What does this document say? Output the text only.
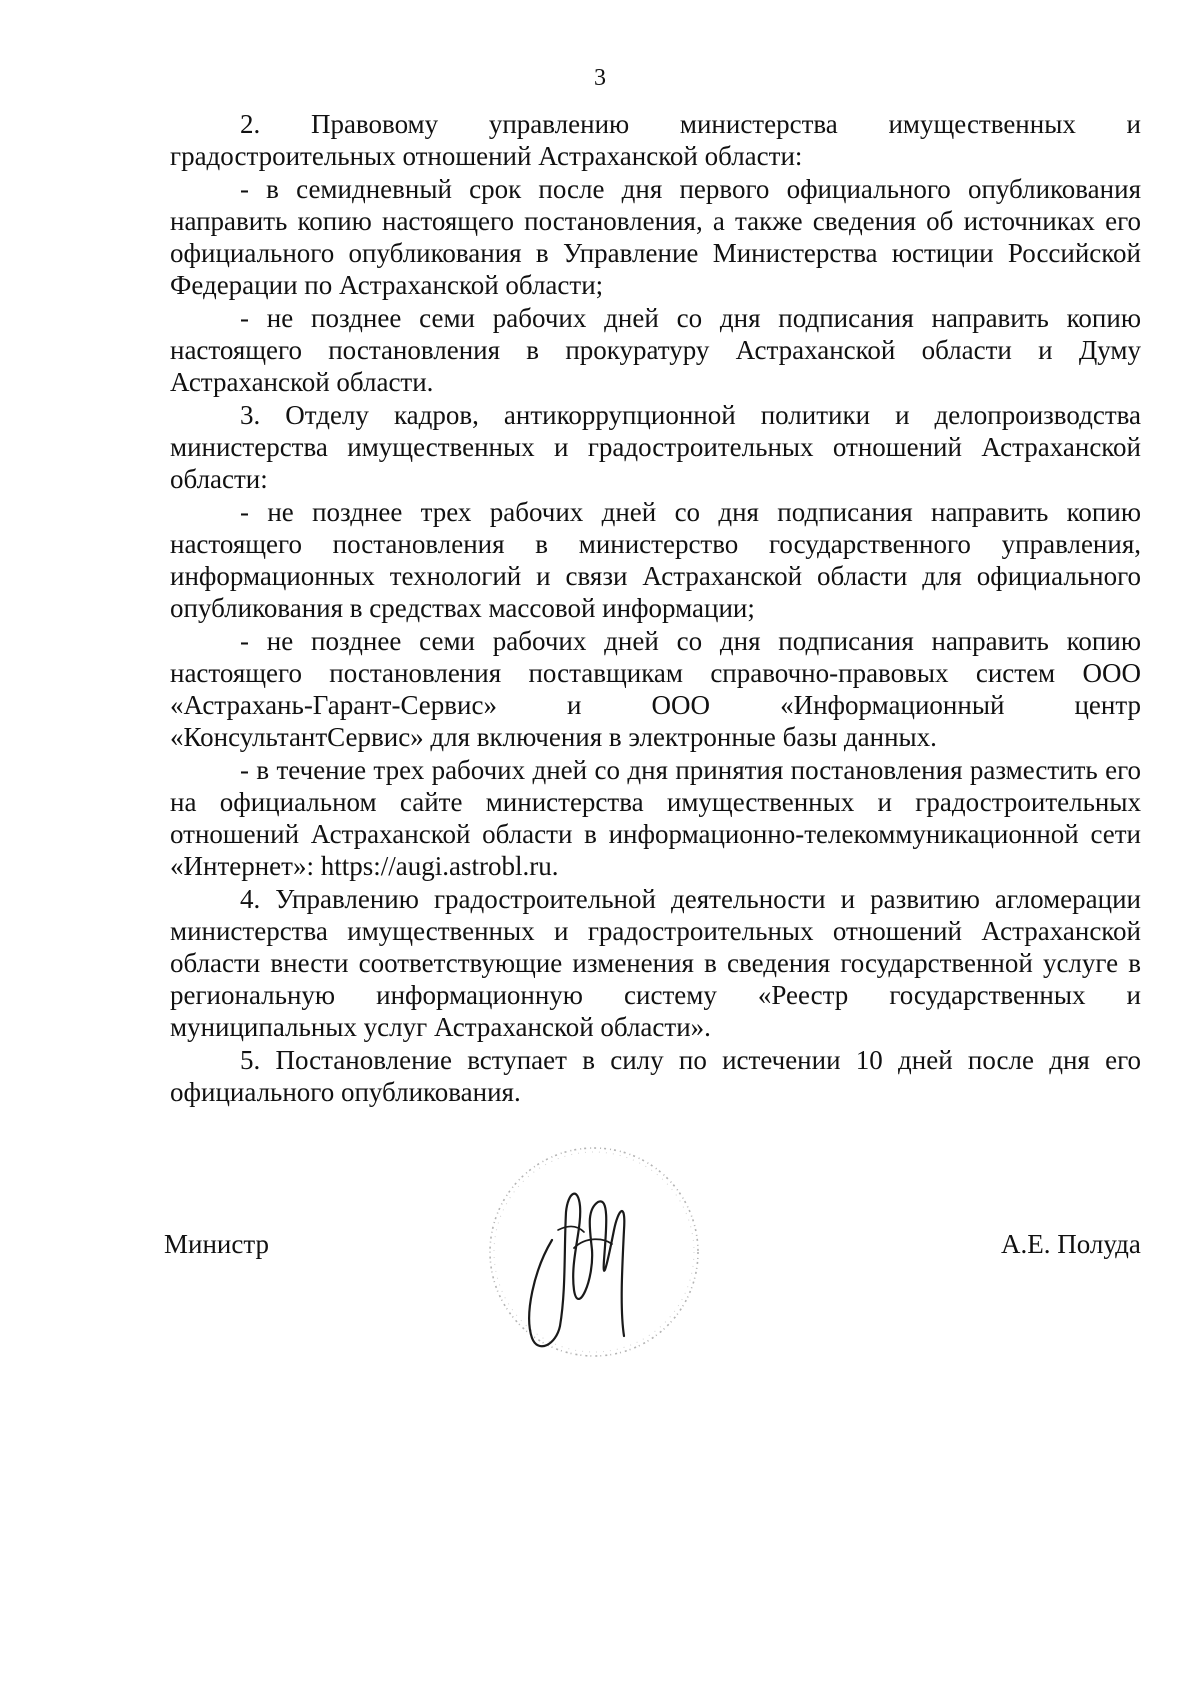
3

2. Правовому управлению министерства имущественных и градостроительных отношений Астраханской области:

- в семидневный срок после дня первого официального опубликования направить копию настоящего постановления, а также сведения об источниках его официального опубликования в Управление Министерства юстиции Российской Федерации по Астраханской области;

- не позднее семи рабочих дней со дня подписания направить копию настоящего постановления в прокуратуру Астраханской области и Думу Астраханской области.

3. Отделу кадров, антикоррупционной политики и делопроизводства министерства имущественных и градостроительных отношений Астраханской области:

- не позднее трех рабочих дней со дня подписания направить копию настоящего постановления в министерство государственного управления, информационных технологий и связи Астраханской области для официального опубликования в средствах массовой информации;

- не позднее семи рабочих дней со дня подписания направить копию настоящего постановления поставщикам справочно-правовых систем ООО «Астрахань-Гарант-Сервис» и ООО «Информационный центр «КонсультантСервис» для включения в электронные базы данных.

- в течение трех рабочих дней со дня принятия постановления разместить его на официальном сайте министерства имущественных и градостроительных отношений Астраханской области в информационно-телекоммуникационной сети «Интернет»: https://augi.astrobl.ru.

4. Управлению градостроительной деятельности и развитию агломерации министерства имущественных и градостроительных отношений Астраханской области внести соответствующие изменения в сведения государственной услуге в региональную информационную систему «Реестр государственных и муниципальных услуг Астраханской области».

5. Постановление вступает в силу по истечении 10 дней после дня его официального опубликования.

Министр	А.Е. Полуда
